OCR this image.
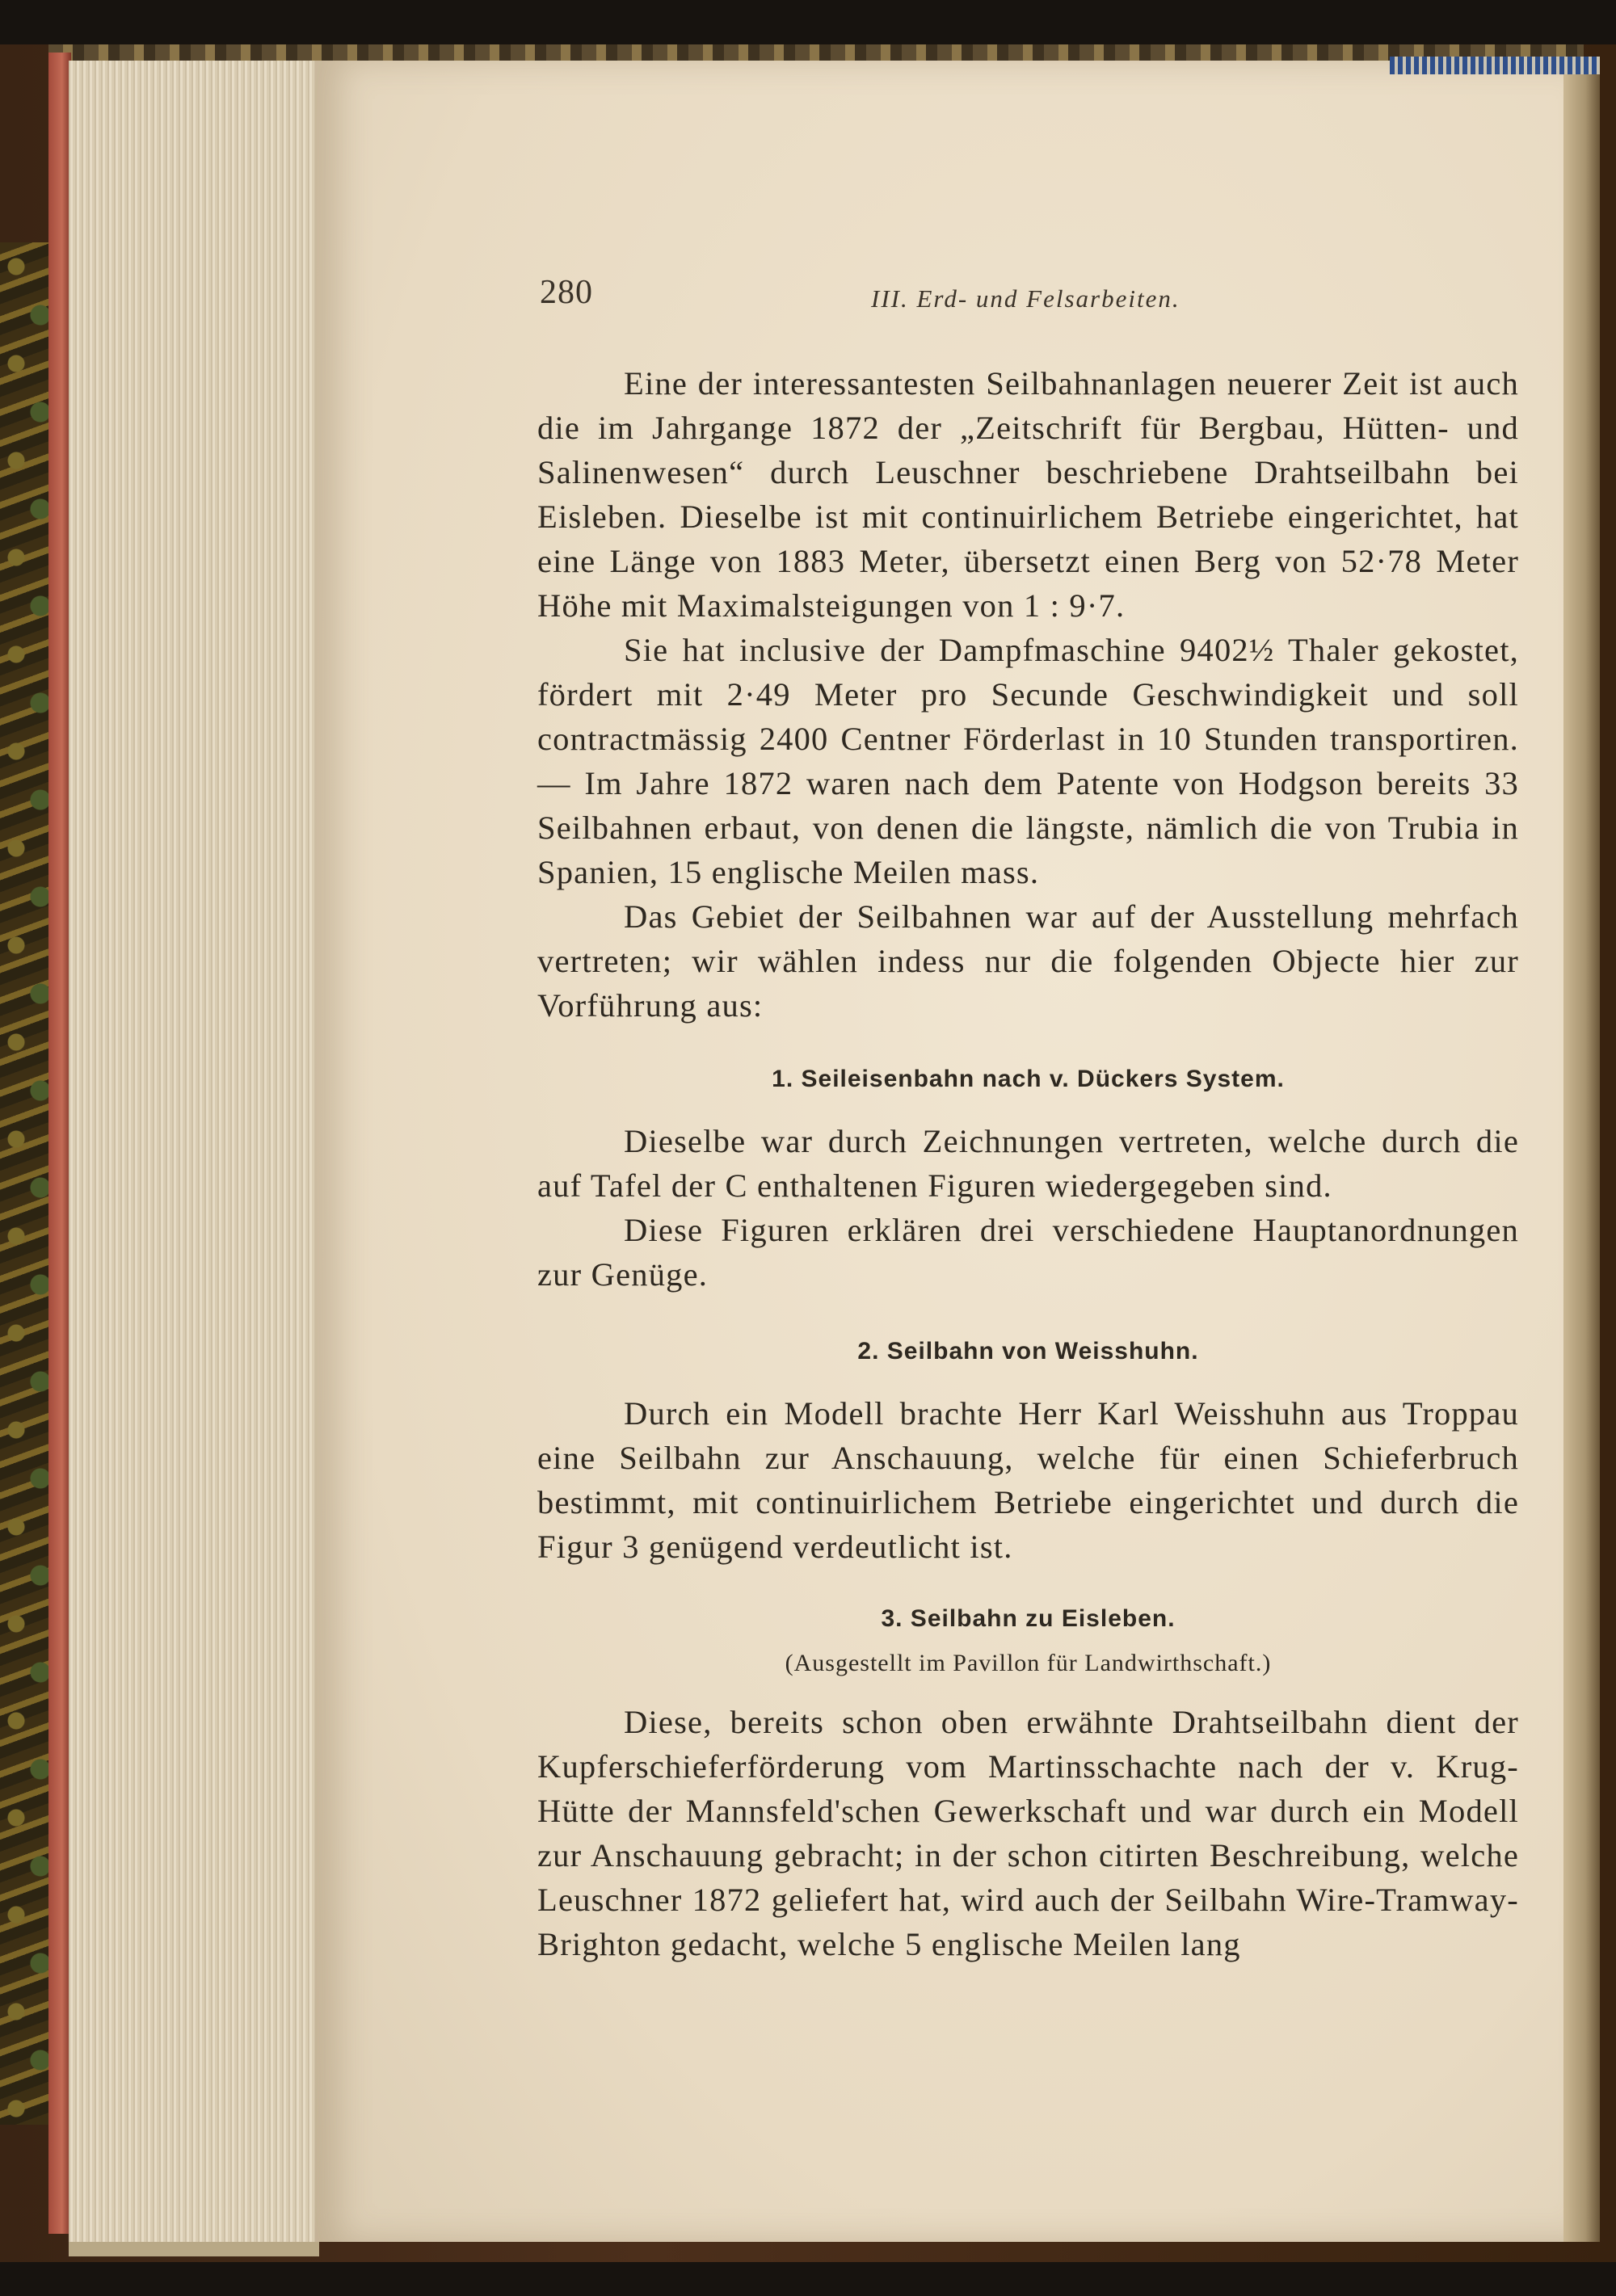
280	III. Erd- und Felsarbeiten.

Eine der interessantesten Seilbahnanlagen neuerer Zeit ist auch die im Jahrgange 1872 der „Zeitschrift für Bergbau, Hütten- und Salinenwesen“ durch Leuschner beschriebene Drahtseilbahn bei Eisleben. Dieselbe ist mit continuirlichem Betriebe eingerichtet, hat eine Länge von 1883 Meter, übersetzt einen Berg von 52·78 Meter Höhe mit Maximalsteigungen von 1 : 9·7.

Sie hat inclusive der Dampfmaschine 9402½ Thaler gekostet, fördert mit 2·49 Meter pro Secunde Geschwindigkeit und soll contractmässig 2400 Centner Förderlast in 10 Stunden transportiren. — Im Jahre 1872 waren nach dem Patente von Hodgson bereits 33 Seilbahnen erbaut, von denen die längste, nämlich die von Trubia in Spanien, 15 englische Meilen mass.

Das Gebiet der Seilbahnen war auf der Ausstellung mehrfach vertreten; wir wählen indess nur die folgenden Objecte hier zur Vorführung aus:

1. Seileisenbahn nach v. Dückers System.

Dieselbe war durch Zeichnungen vertreten, welche durch die auf Tafel der C enthaltenen Figuren wiedergegeben sind.

Diese Figuren erklären drei verschiedene Hauptanordnungen zur Genüge.

2. Seilbahn von Weisshuhn.

Durch ein Modell brachte Herr Karl Weisshuhn aus Troppau eine Seilbahn zur Anschauung, welche für einen Schieferbruch bestimmt, mit continuirlichem Betriebe eingerichtet und durch die Figur 3 genügend verdeutlicht ist.

3. Seilbahn zu Eisleben.
(Ausgestellt im Pavillon für Landwirthschaft.)

Diese, bereits schon oben erwähnte Drahtseilbahn dient der Kupferschieferförderung vom Martinsschachte nach der v. Krug-Hütte der Mannsfeld'schen Gewerkschaft und war durch ein Modell zur Anschauung gebracht; in der schon citirten Beschreibung, welche Leuschner 1872 geliefert hat, wird auch der Seilbahn Wire-Tramway-Brighton gedacht, welche 5 englische Meilen lang
